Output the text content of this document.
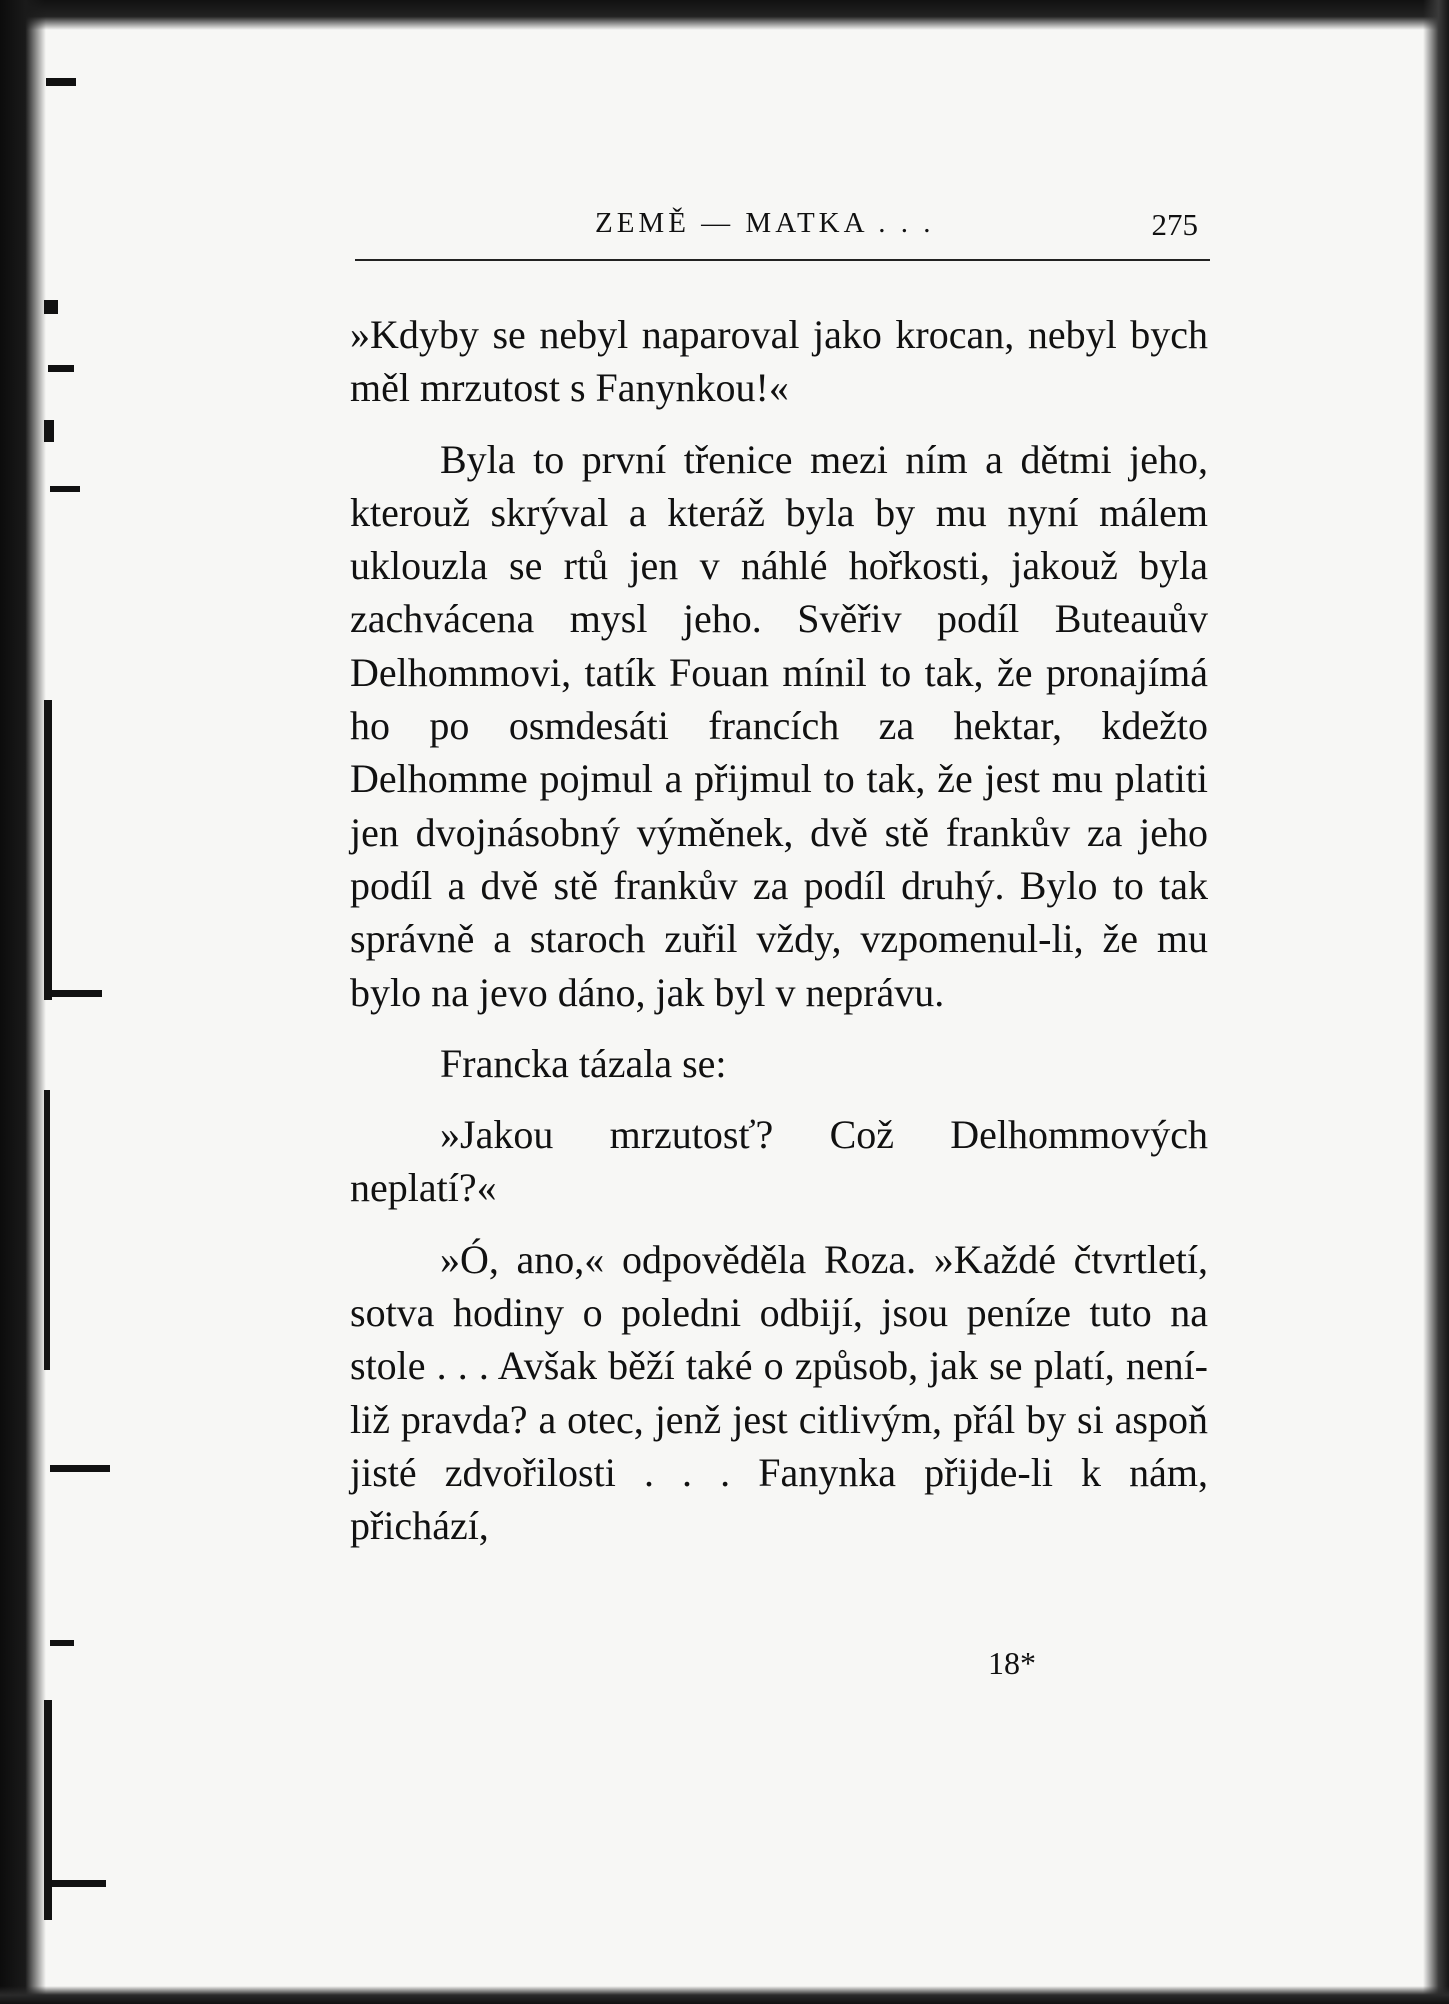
ZEMĚ — MATKA . . .	275

»Kdyby se nebyl naparoval jako krocan, nebyl bych měl mrzutost s Fanynkou!«

Byla to první třenice mezi ním a dětmi jeho, kterouž skrýval a kteráž byla by mu nyní málem uklouzla se rtů jen v náhlé hořkosti, jakouž byla zachvácena mysl jeho. Svěřiv podíl Buteauův Delhommovi, tatík Fouan mínil to tak, že pronajímá ho po osmdesáti francích za hektar, kdežto Delhomme pojmul a přijmul to tak, že jest mu platiti jen dvojnásobný výměnek, dvě stě frankův za jeho podíl a dvě stě frankův za podíl druhý. Bylo to tak správně a staroch zuřil vždy, vzpomenul-li, že mu bylo na jevo dáno, jak byl v neprávu.

Francka tázala se:

»Jakou mrzutosť? Což Delhommových neplatí?«

»Ó, ano,« odpověděla Roza. »Každé čtvrtletí, sotva hodiny o poledni odbijí, jsou peníze tuto na stole . . . Avšak běží také o způsob, jak se platí, není-liž pravda? a otec, jenž jest citlivým, přál by si aspoň jisté zdvořilosti . . . Fanynka přijde-li k nám, přichází,

18*
